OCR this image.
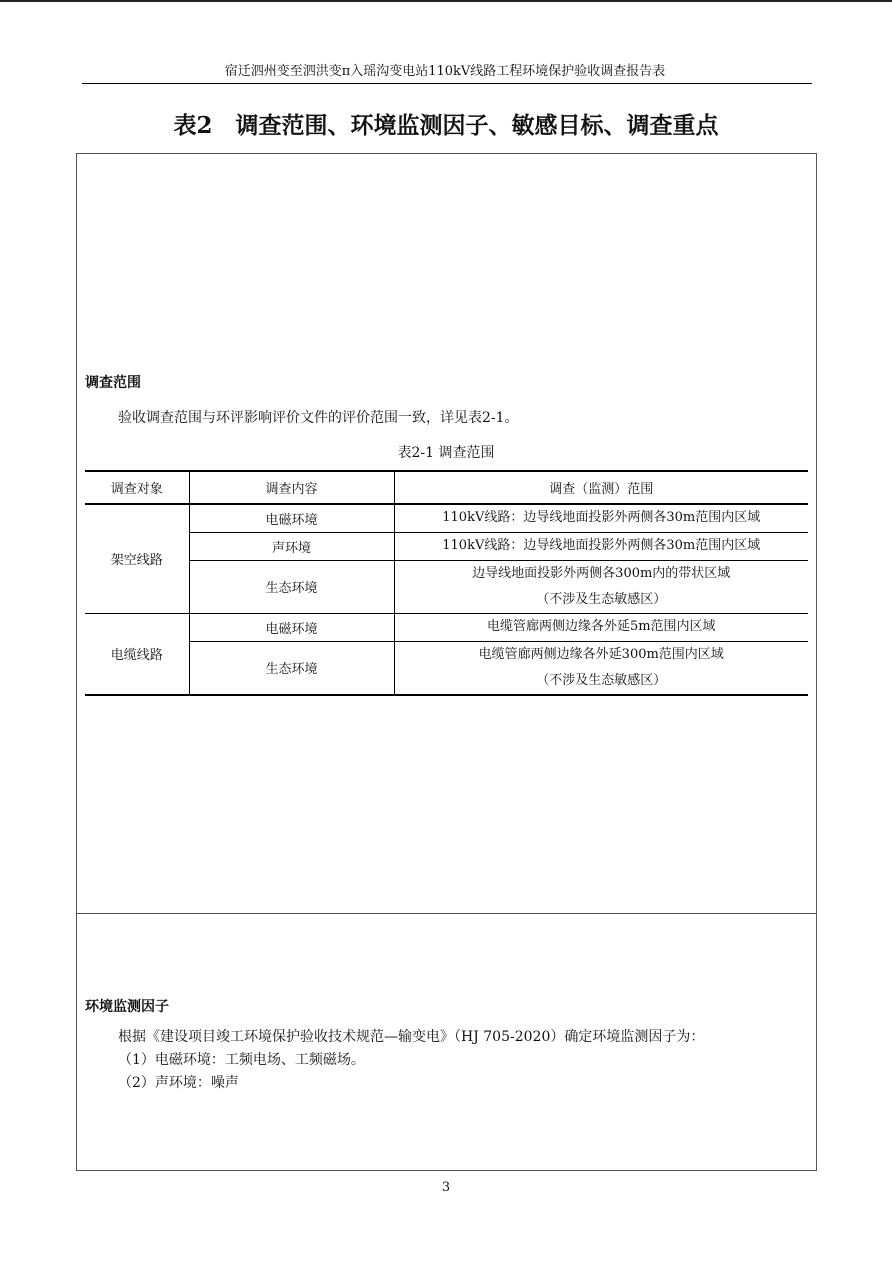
宿迁泗州变至泗洪变π入瑶沟变电站110kV线路工程环境保护验收调查报告表
表2　调查范围、环境监测因子、敏感目标、调查重点
调查范围
验收调查范围与环评影响评价文件的评价范围一致，详见表2-1。
表2-1 调查范围
调查对象	调查内容	调查（监测）范围
架空线路	电磁环境	110kV线路：边导线地面投影外两侧各30m范围内区域

	声环境	110kV线路：边导线地面投影外两侧各30m范围内区域

	生态环境	边导线地面投影外两侧各300m内的带状区域
（不涉及生态敏感区）

电缆线路	电磁环境	电缆管廊两侧边缘各外延5m范围内区域

	生态环境	电缆管廊两侧边缘各外延300m范围内区域
（不涉及生态敏感区）
环境监测因子
根据《建设项目竣工环境保护验收技术规范—输变电》（HJ 705-2020）确定环境监测因子为：
（1）电磁环境：工频电场、工频磁场。
（2）声环境：噪声
3
